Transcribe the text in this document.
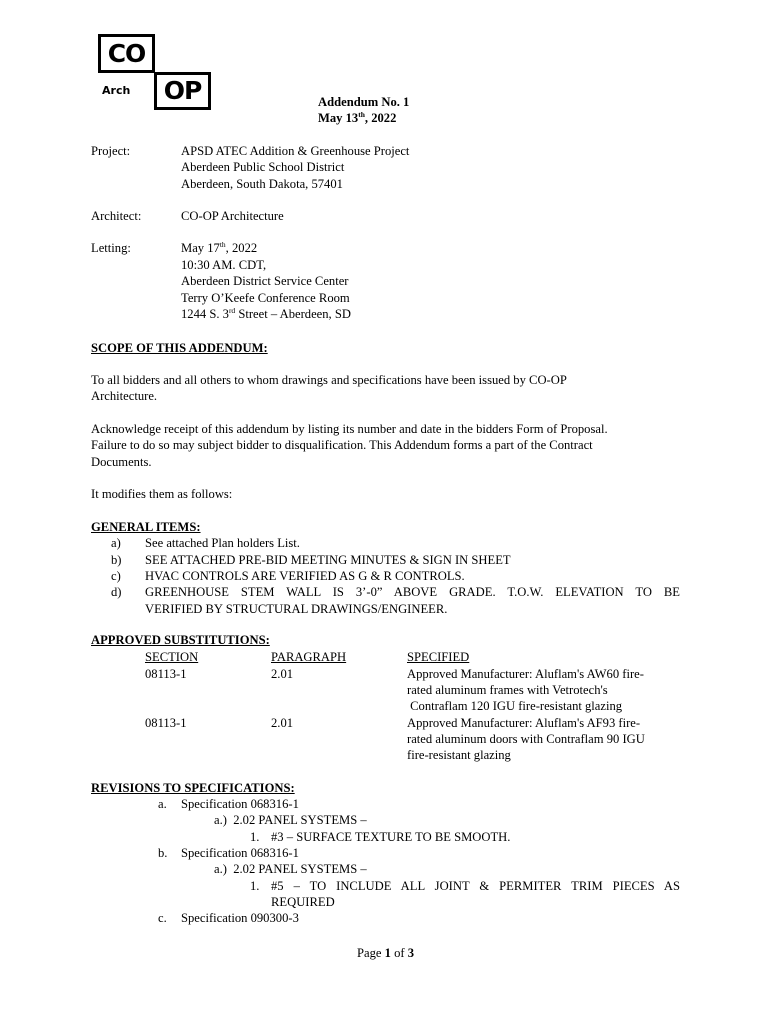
CO
OP
Arch
Addendum No. 1
May 13th, 2022
Project:	APSD ATEC Addition & Greenhouse Project
Aberdeen Public School District
Aberdeen, South Dakota, 57401
Architect:	CO-OP Architecture
Letting:	May 17th, 2022
10:30 AM. CDT,
Aberdeen District Service Center
Terry O’Keefe Conference Room
1244 S. 3rd Street – Aberdeen, SD
SCOPE OF THIS ADDENDUM:
To all bidders and all others to whom drawings and specifications have been issued by CO-OP
Architecture.
Acknowledge receipt of this addendum by listing its number and date in the bidders Form of Proposal.
Failure to do so may subject bidder to disqualification. This Addendum forms a part of the Contract
Documents.
It modifies them as follows:
GENERAL ITEMS:
a) See attached Plan holders List.
b) SEE ATTACHED PRE-BID MEETING MINUTES & SIGN IN SHEET
c) HVAC CONTROLS ARE VERIFIED AS G & R CONTROLS.
d) GREENHOUSE STEM WALL IS 3’-0” ABOVE GRADE. T.O.W. ELEVATION TO BE
VERIFIED BY STRUCTURAL DRAWINGS/ENGINEER.
APPROVED SUBSTITUTIONS:
SECTION	PARAGRAPH	SPECIFIED
08113-1	2.01	Approved Manufacturer: Aluflam's AW60 fire-
rated aluminum frames with Vetrotech's
Contraflam 120 IGU fire-resistant glazing
08113-1	2.01	Approved Manufacturer: Aluflam's AF93 fire-
rated aluminum doors with Contraflam 90 IGU
fire-resistant glazing
REVISIONS TO SPECIFICATIONS:
a. Specification 068316-1
a.)  2.02 PANEL SYSTEMS –
1. #3 – SURFACE TEXTURE TO BE SMOOTH.
b. Specification 068316-1
a.)  2.02 PANEL SYSTEMS –
1. #5 – TO INCLUDE ALL JOINT & PERMITER TRIM PIECES AS
REQUIRED
c. Specification 090300-3
Page 1 of 3
